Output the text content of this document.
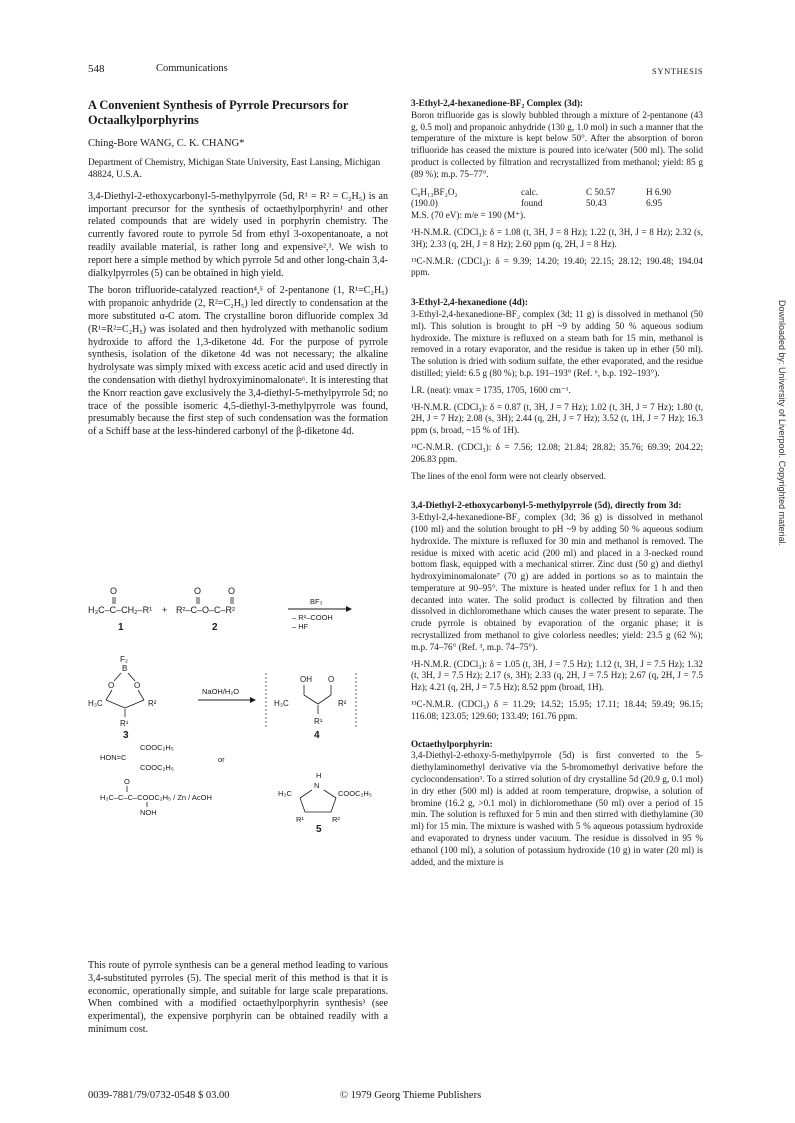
548	Communications	SYNTHESIS

A Convenient Synthesis of Pyrrole Precursors for Octaalkylporphyrins

Ching-Bore WANG, C. K. CHANG*
Department of Chemistry, Michigan State University, East Lansing, Michigan 48824, U.S.A.

3,4-Diethyl-2-ethoxycarbonyl-5-methylpyrrole (5d, R¹ = R² = C₂H₅) is an important precursor for the synthesis of octaethylporphyrin¹ and other related compounds that are widely used in porphyrin chemistry. The currently favored route to pyrrole 5d from ethyl 3-oxopentanoate, a not readily available material, is rather long and expensive²,³. We wish to report here a simple method by which pyrrole 5d and other long-chain 3,4-dialkylpyrroles (5) can be obtained in high yield.

The boron trifluoride-catalyzed reaction⁴,⁵ of 2-pentanone (1, R¹=C₂H₅) with propanoic anhydride (2, R²=C₂H₅) led directly to condensation at the more substituted α-C atom. The crystalline boron difluoride complex 3d (R¹=R²=C₂H₅) was isolated and then hydrolyzed with methanolic sodium hydroxide to afford the 1,3-diketone 4d. For the purpose of pyrrole synthesis, isolation of the diketone 4d was not necessary; the alkaline hydrolysate was simply mixed with excess acetic acid and used directly in the condensation with diethyl hydroxyiminomalonate⁶. It is interesting that the Knorr reaction gave exclusively the 3,4-diethyl-5-methylpyrrole 5d; no trace of the possible isomeric 4,5-diethyl-3-methylpyrrole was found, presumably because the first step of such condensation was the formation of a Schiff base at the less-hindered carbonyl of the β-diketone 4d.

O
H₃C–C–CH₂–R¹ +
O	O
R²–C–O–C–R²
BF₃
– R²–COOH
– HF
1	2
F₂
B
O O
H₃C	R²
R¹
3
NaOH/H₂O
OH O
H₃C	R²
R¹
4
COOC₂H₅
HON=C	or
COOC₂H₅
O
H₃C–C–C–COOC₂H₅ / Zn / AcOH
NOH
H
N
H₃C	COOC₂H₅
R¹	R²
5

This route of pyrrole synthesis can be a general method leading to various 3,4-substituted pyrroles (5). The special merit of this method is that it is economic, operationally simple, and suitable for large scale preparations. When combined with a modified octaethylporphyrin synthesis³ (see experimental), the expensive porphyrin can be obtained readily with a minimum cost.

3-Ethyl-2,4-hexanedione-BF₂ Complex (3d):

Boron trifluoride gas is slowly bubbled through a mixture of 2-pentanone (43 g, 0.5 mol) and propanoic anhydride (130 g, 1.0 mol) in such a manner that the temperature of the mixture is kept below 50°. After the absorption of boron trifluoride has ceased the mixture is poured into ice/water (500 ml). The solid product is collected by filtration and recrystallized from methanol; yield: 85 g (89 %); m.p. 75–77°.

C₈H₁₃BF₂O₂	calc.	C 50.57	H 6.90
(190.0)	found	50.43	6.95

M.S. (70 eV): m/e = 190 (M⁺).

¹H-N.M.R. (CDCl₃): δ = 1.08 (t, 3H, J = 8 Hz); 1.22 (t, 3H, J = 8 Hz); 2.32 (s, 3H); 2.33 (q, 2H, J = 8 Hz); 2.60 ppm (q, 2H, J = 8 Hz).

¹³C-N.M.R. (CDCl₃): δ = 9.39; 14.20; 19.40; 22.15; 28.12; 190.48; 194.04 ppm.

3-Ethyl-2,4-hexanedione (4d):

3-Ethyl-2,4-hexanedione-BF₂ complex (3d; 11 g) is dissolved in methanol (50 ml). This solution is brought to pH ~9 by adding 50 % aqueous sodium hydroxide. The mixture is refluxed on a steam bath for 15 min, methanol is removed in a rotary evaporator, and the residue is taken up in ether (50 ml). The solution is dried with sodium sulfate, the ether evaporated, and the residue distilled; yield: 6.5 g (80 %); b.p. 191–193° (Ref. ⁶, b.p. 192–193°).

I.R. (neat): νmax = 1735, 1705, 1600 cm⁻¹.

¹H-N.M.R. (CDCl₃): δ = 0.87 (t, 3H, J = 7 Hz); 1.02 (t, 3H, J = 7 Hz); 1.80 (t, 2H, J = 7 Hz); 2.08 (s, 3H); 2.44 (q, 2H, J = 7 Hz); 3.52 (t, 1H, J = 7 Hz); 16.3 ppm (s, broad, ~15 % of 1H).

¹³C-N.M.R. (CDCl₃): δ = 7.56; 12.08; 21.84; 28.82; 35.76; 69.39; 204.22; 206.83 ppm.

The lines of the enol form were not clearly observed.

3,4-Diethyl-2-ethoxycarbonyl-5-methylpyrrole (5d), directly from 3d:

3-Ethyl-2,4-hexanedione-BF₂ complex (3d; 36 g) is dissolved in methanol (100 ml) and the solution brought to pH ~9 by adding 50 % aqueous sodium hydroxide. The mixture is refluxed for 30 min and methanol is removed. The residue is mixed with acetic acid (200 ml) and placed in a 3-necked round bottom flask, equipped with a mechanical stirrer. Zinc dust (50 g) and diethyl hydroxyiminomalonate⁷ (70 g) are added in portions so as to maintain the temperature at 90–95°. The mixture is heated under reflux for 1 h and then decanted into water. The solid product is collected by filtration and then dissolved in dichloromethane which causes the water present to separate. The crude pyrrole is obtained by evaporation of the organic phase; it is recrystallized from methanol to give colorless needles; yield: 23.5 g (62 %); m.p. 74–76° (Ref. ³, m.p. 74–75°).

¹H-N.M.R. (CDCl₃): δ = 1.05 (t, 3H, J = 7.5 Hz); 1.12 (t, 3H, J = 7.5 Hz); 1.32 (t, 3H, J = 7.5 Hz); 2.17 (s, 3H); 2.33 (q, 2H, J = 7.5 Hz); 2.67 (q, 2H, J = 7.5 Hz); 4.21 (q, 2H, J = 7.5 Hz); 8.52 ppm (broad, 1H).

¹³C-N.M.R. (CDCl₃) δ = 11.29; 14.52; 15.95; 17.11; 18.44; 59.49; 96.15; 116.08; 123.05; 129.60; 133.49; 161.76 ppm.

Octaethylporphyrin:

3,4-Diethyl-2-ethoxy-5-methylpyrrole (5d) is first converted to the 5-diethylaminomethyl derivative via the 5-bromomethyl derivative before the cyclocondensation³. To a stirred solution of dry crystalline 5d (20.9 g, 0.1 mol) in dry ether (500 ml) is added at room temperature, dropwise, a solution of bromine (16.2 g, >0.1 mol) in dichloromethane (50 ml) over a period of 15 min. The solution is refluxed for 5 min and then stirred with diethylamine (30 ml) for 15 min. The mixture is washed with 5 % aqueous potassium hydroxide and evaporated to dryness under vacuum. The residue is dissolved in 95 % ethanol (100 ml), a solution of potassium hydroxide (10 g) in water (20 ml) is added, and the mixture is

0039-7881/79/0732-0548 $ 03.00	© 1979 Georg Thieme Publishers
Downloaded by: University of Liverpool. Copyrighted material.
